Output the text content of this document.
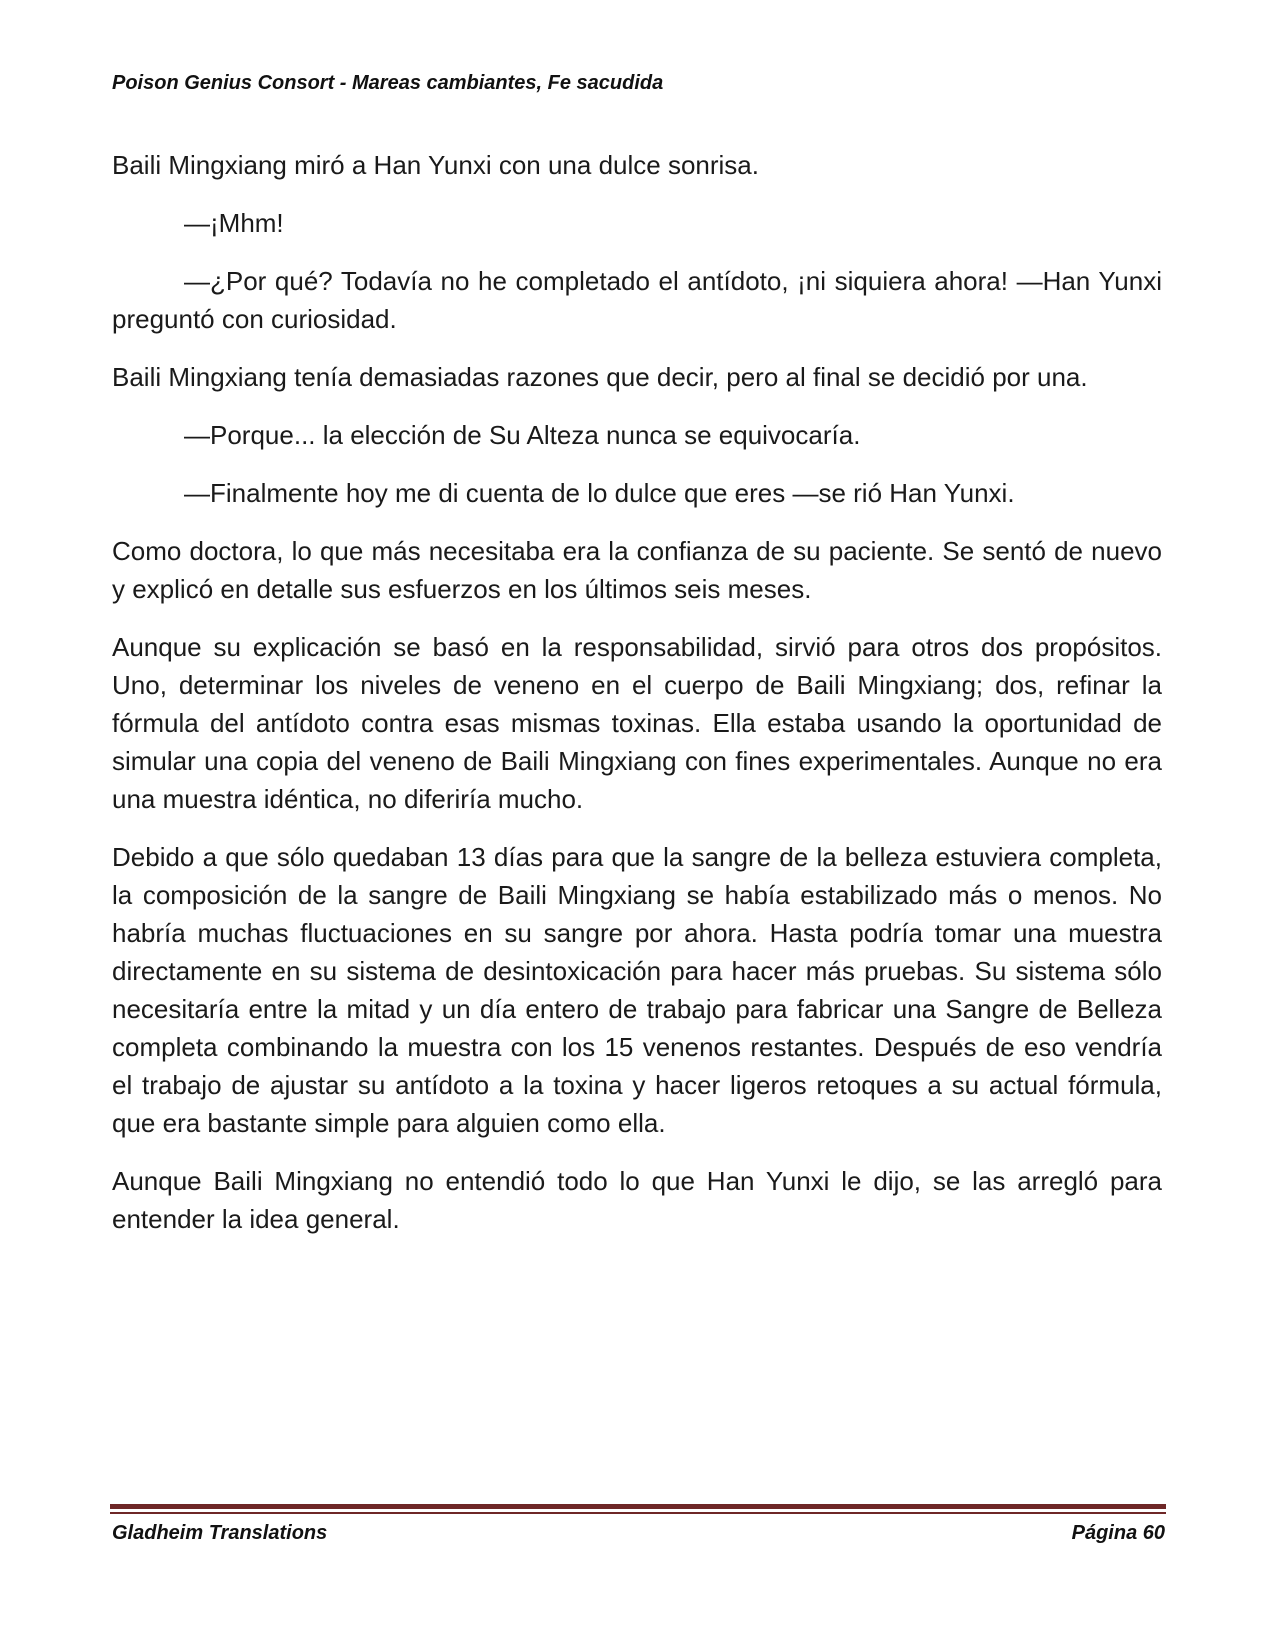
Poison Genius Consort - Mareas cambiantes, Fe sacudida

Baili Mingxiang miró a Han Yunxi con una dulce sonrisa.

—¡Mhm!

—¿Por qué? Todavía no he completado el antídoto, ¡ni siquiera ahora! —Han Yunxi preguntó con curiosidad.

Baili Mingxiang tenía demasiadas razones que decir, pero al final se decidió por una.

—Porque... la elección de Su Alteza nunca se equivocaría.

—Finalmente hoy me di cuenta de lo dulce que eres —se rió Han Yunxi.

Como doctora, lo que más necesitaba era la confianza de su paciente. Se sentó de nuevo y explicó en detalle sus esfuerzos en los últimos seis meses.

Aunque su explicación se basó en la responsabilidad, sirvió para otros dos propósitos. Uno, determinar los niveles de veneno en el cuerpo de Baili Mingxiang; dos, refinar la fórmula del antídoto contra esas mismas toxinas. Ella estaba usando la oportunidad de simular una copia del veneno de Baili Mingxiang con fines experimentales. Aunque no era una muestra idéntica, no diferiría mucho.

Debido a que sólo quedaban 13 días para que la sangre de la belleza estuviera completa, la composición de la sangre de Baili Mingxiang se había estabilizado más o menos. No habría muchas fluctuaciones en su sangre por ahora. Hasta podría tomar una muestra directamente en su sistema de desintoxicación para hacer más pruebas. Su sistema sólo necesitaría entre la mitad y un día entero de trabajo para fabricar una Sangre de Belleza completa combinando la muestra con los 15 venenos restantes. Después de eso vendría el trabajo de ajustar su antídoto a la toxina y hacer ligeros retoques a su actual fórmula, que era bastante simple para alguien como ella.

Aunque Baili Mingxiang no entendió todo lo que Han Yunxi le dijo, se las arregló para entender la idea general.

Gladheim Translations	Página 60
